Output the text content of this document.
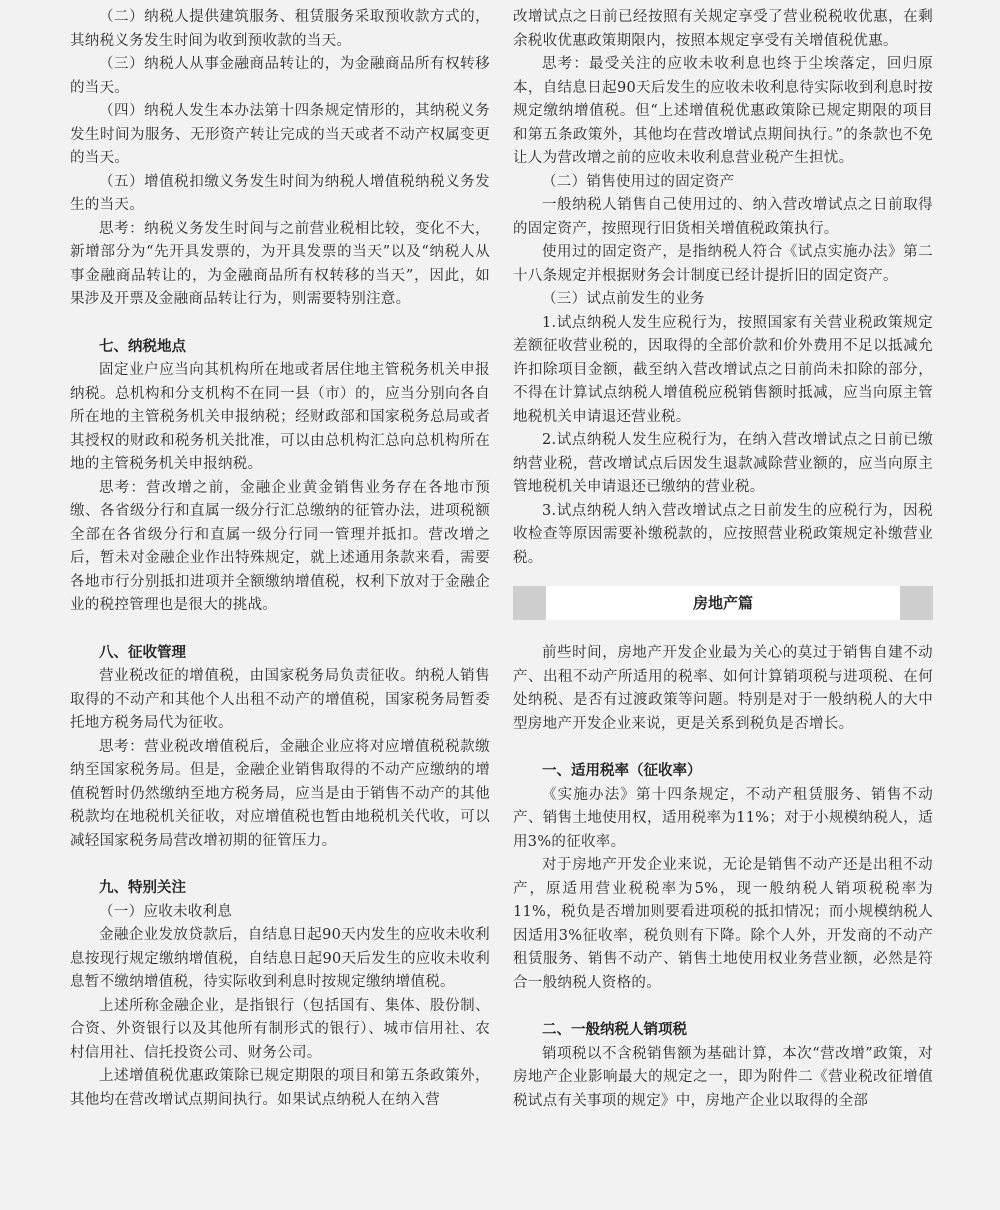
（二）纳税人提供建筑服务、租赁服务采取预收款方式的，其纳税义务发生时间为收到预收款的当天。

（三）纳税人从事金融商品转让的，为金融商品所有权转移的当天。

（四）纳税人发生本办法第十四条规定情形的，其纳税义务发生时间为服务、无形资产转让完成的当天或者不动产权属变更的当天。

（五）增值税扣缴义务发生时间为纳税人增值税纳税义务发生的当天。

思考：纳税义务发生时间与之前营业税相比较，变化不大，新增部分为“先开具发票的，为开具发票的当天”以及“纳税人从事金融商品转让的，为金融商品所有权转移的当天”，因此，如果涉及开票及金融商品转让行为，则需要特别注意。

七、纳税地点

固定业户应当向其机构所在地或者居住地主管税务机关申报纳税。总机构和分支机构不在同一县（市）的，应当分别向各自所在地的主管税务机关申报纳税；经财政部和国家税务总局或者其授权的财政和税务机关批准，可以由总机构汇总向总机构所在地的主管税务机关申报纳税。

思考：营改增之前，金融企业黄金销售业务存在各地市预缴、各省级分行和直属一级分行汇总缴纳的征管办法，进项税额全部在各省级分行和直属一级分行同一管理并抵扣。营改增之后，暂未对金融企业作出特殊规定，就上述通用条款来看，需要各地市行分别抵扣进项并全额缴纳增值税，权利下放对于金融企业的税控管理也是很大的挑战。

八、征收管理

营业税改征的增值税，由国家税务局负责征收。纳税人销售取得的不动产和其他个人出租不动产的增值税，国家税务局暂委托地方税务局代为征收。

思考：营业税改增值税后，金融企业应将对应增值税税款缴纳至国家税务局。但是，金融企业销售取得的不动产应缴纳的增值税暂时仍然缴纳至地方税务局，应当是由于销售不动产的其他税款均在地税机关征收，对应增值税也暂由地税机关代收，可以减轻国家税务局营改增初期的征管压力。

九、特别关注

（一）应收未收利息

金融企业发放贷款后，自结息日起90天内发生的应收未收利息按现行规定缴纳增值税，自结息日起90天后发生的应收未收利息暂不缴纳增值税，待实际收到利息时按规定缴纳增值税。

上述所称金融企业，是指银行（包括国有、集体、股份制、合资、外资银行以及其他所有制形式的银行）、城市信用社、农村信用社、信托投资公司、财务公司。

上述增值税优惠政策除已规定期限的项目和第五条政策外，其他均在营改增试点期间执行。如果试点纳税人在纳入营

改增试点之日前已经按照有关规定享受了营业税税收优惠，在剩余税收优惠政策期限内，按照本规定享受有关增值税优惠。

思考：最受关注的应收未收利息也终于尘埃落定，回归原本，自结息日起90天后发生的应收未收利息待实际收到利息时按规定缴纳增值税。但“上述增值税优惠政策除已规定期限的项目和第五条政策外，其他均在营改增试点期间执行。”的条款也不免让人为营改增之前的应收未收利息营业税产生担忧。

（二）销售使用过的固定资产

一般纳税人销售自己使用过的、纳入营改增试点之日前取得的固定资产，按照现行旧货相关增值税政策执行。

使用过的固定资产，是指纳税人符合《试点实施办法》第二十八条规定并根据财务会计制度已经计提折旧的固定资产。

（三）试点前发生的业务

1.试点纳税人发生应税行为，按照国家有关营业税政策规定差额征收营业税的，因取得的全部价款和价外费用不足以抵减允许扣除项目金额，截至纳入营改增试点之日前尚未扣除的部分，不得在计算试点纳税人增值税应税销售额时抵减，应当向原主管地税机关申请退还营业税。

2.试点纳税人发生应税行为，在纳入营改增试点之日前已缴纳营业税，营改增试点后因发生退款减除营业额的，应当向原主管地税机关申请退还已缴纳的营业税。

3.试点纳税人纳入营改增试点之日前发生的应税行为，因税收检查等原因需要补缴税款的，应按照营业税政策规定补缴营业税。

房地产篇

前些时间，房地产开发企业最为关心的莫过于销售自建不动产、出租不动产所适用的税率、如何计算销项税与进项税、在何处纳税、是否有过渡政策等问题。特别是对于一般纳税人的大中型房地产开发企业来说，更是关系到税负是否增长。

一、适用税率（征收率）

《实施办法》第十四条规定，不动产租赁服务、销售不动产、销售土地使用权，适用税率为11%；对于小规模纳税人，适用3%的征收率。

对于房地产开发企业来说，无论是销售不动产还是出租不动产，原适用营业税税率为5%，现一般纳税人销项税税率为11%，税负是否增加则要看进项税的抵扣情况；而小规模纳税人因适用3%征收率，税负则有下降。除个人外，开发商的不动产租赁服务、销售不动产、销售土地使用权业务营业额，必然是符合一般纳税人资格的。

二、一般纳税人销项税

销项税以不含税销售额为基础计算，本次“营改增”政策，对房地产企业影响最大的规定之一，即为附件二《营业税改征增值税试点有关事项的规定》中，房地产企业以取得的全部
